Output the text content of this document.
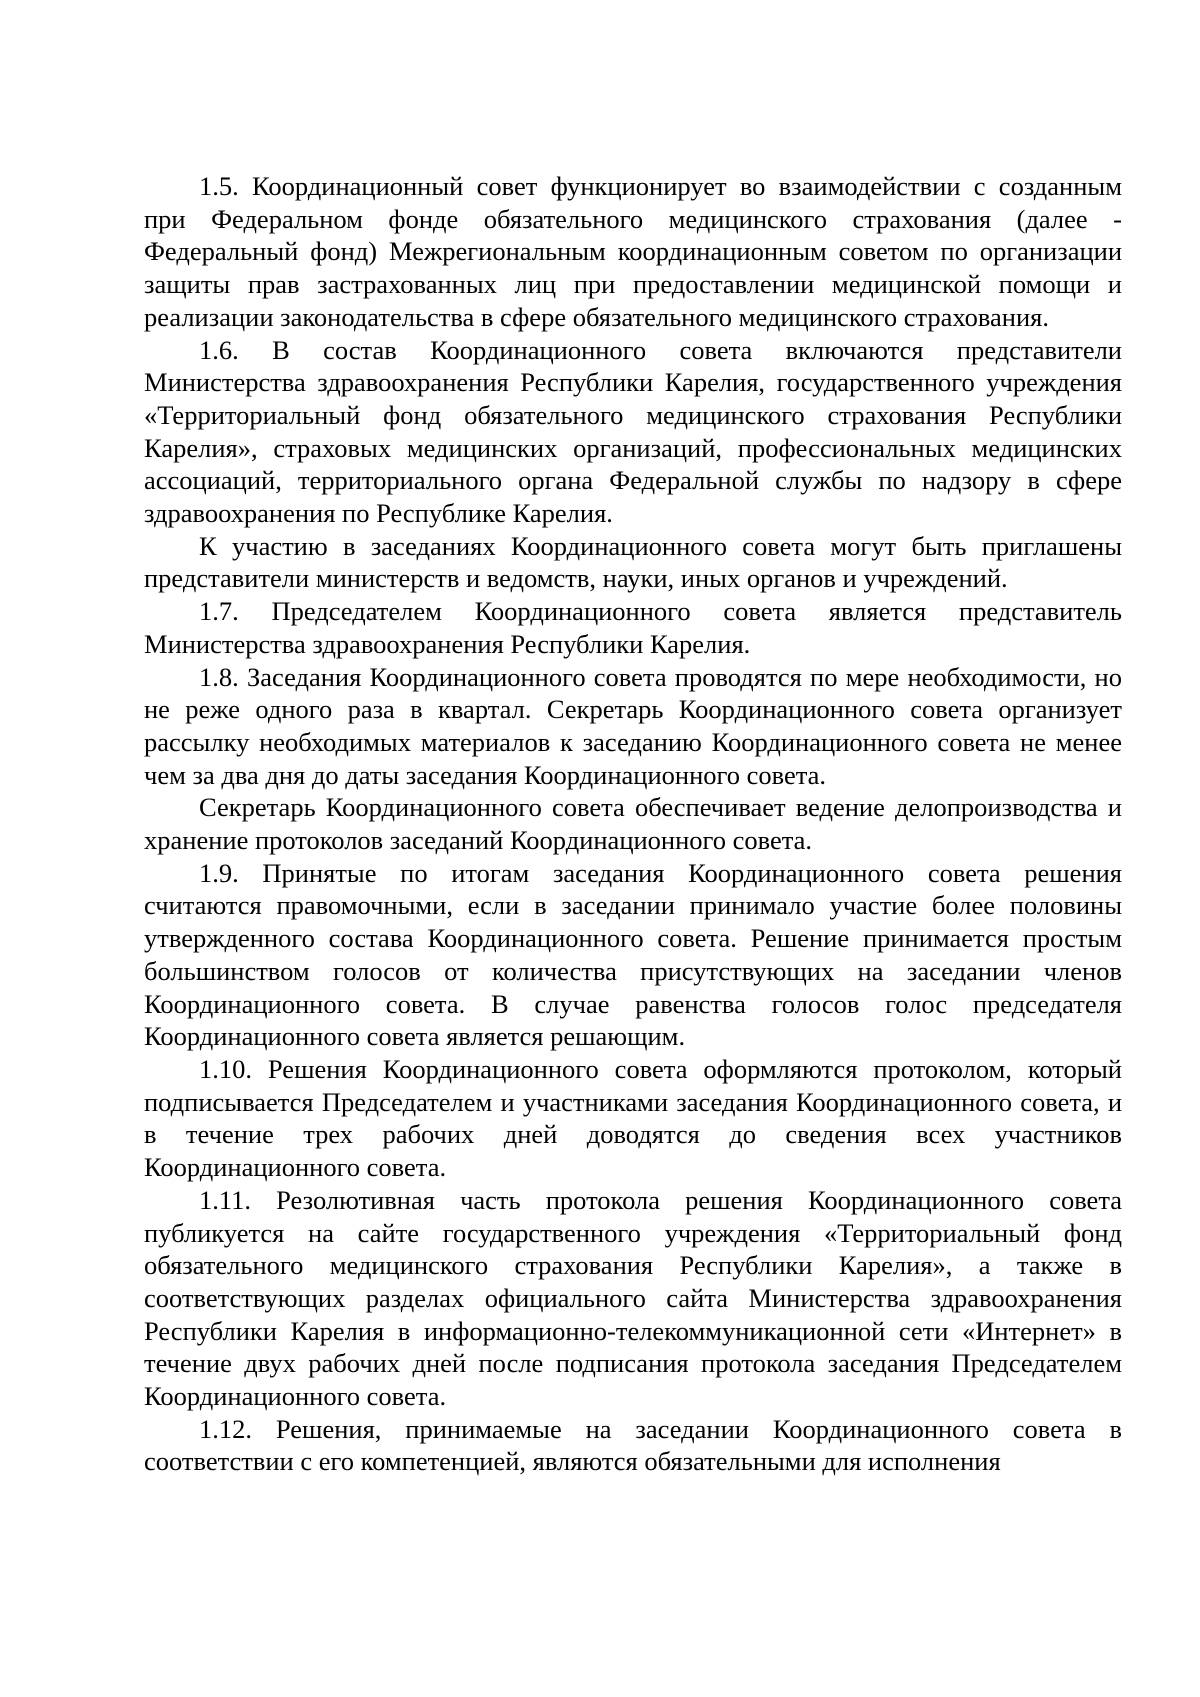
1.5. Координационный совет функционирует во взаимодействии с созданным при Федеральном фонде обязательного медицинского страхования (далее - Федеральный фонд) Межрегиональным координационным советом по организации защиты прав застрахованных лиц при предоставлении медицинской помощи и реализации законодательства в сфере обязательного медицинского страхования.

1.6. В состав Координационного совета включаются представители Министерства здравоохранения Республики Карелия, государственного учреждения «Территориальный фонд обязательного медицинского страхования Республики Карелия», страховых медицинских организаций, профессиональных медицинских ассоциаций, территориального органа Федеральной службы по надзору в сфере здравоохранения по Республике Карелия.

К участию в заседаниях Координационного совета могут быть приглашены представители министерств и ведомств, науки, иных органов и учреждений.

1.7. Председателем Координационного совета является представитель Министерства здравоохранения Республики Карелия.

1.8. Заседания Координационного совета проводятся по мере необходимости, но не реже одного раза в квартал. Секретарь Координационного совета организует рассылку необходимых материалов к заседанию Координационного совета не менее чем за два дня до даты заседания Координационного совета.

Секретарь Координационного совета обеспечивает ведение делопроизводства и хранение протоколов заседаний Координационного совета.

1.9. Принятые по итогам заседания Координационного совета решения считаются правомочными, если в заседании принимало участие более половины утвержденного состава Координационного совета. Решение принимается простым большинством голосов от количества присутствующих на заседании членов Координационного совета. В случае равенства голосов голос председателя Координационного совета является решающим.

1.10. Решения Координационного совета оформляются протоколом, который подписывается Председателем и участниками заседания Координационного совета, и в течение трех рабочих дней доводятся до сведения всех участников Координационного совета.

1.11. Резолютивная часть протокола решения Координационного совета публикуется на сайте государственного учреждения «Территориальный фонд обязательного медицинского страхования Республики Карелия», а также в соответствующих разделах официального сайта Министерства здравоохранения Республики Карелия в информационно-телекоммуникационной сети «Интернет» в течение двух рабочих дней после подписания протокола заседания Председателем Координационного совета.

1.12. Решения, принимаемые на заседании Координационного совета в соответствии с его компетенцией, являются обязательными для исполнения
